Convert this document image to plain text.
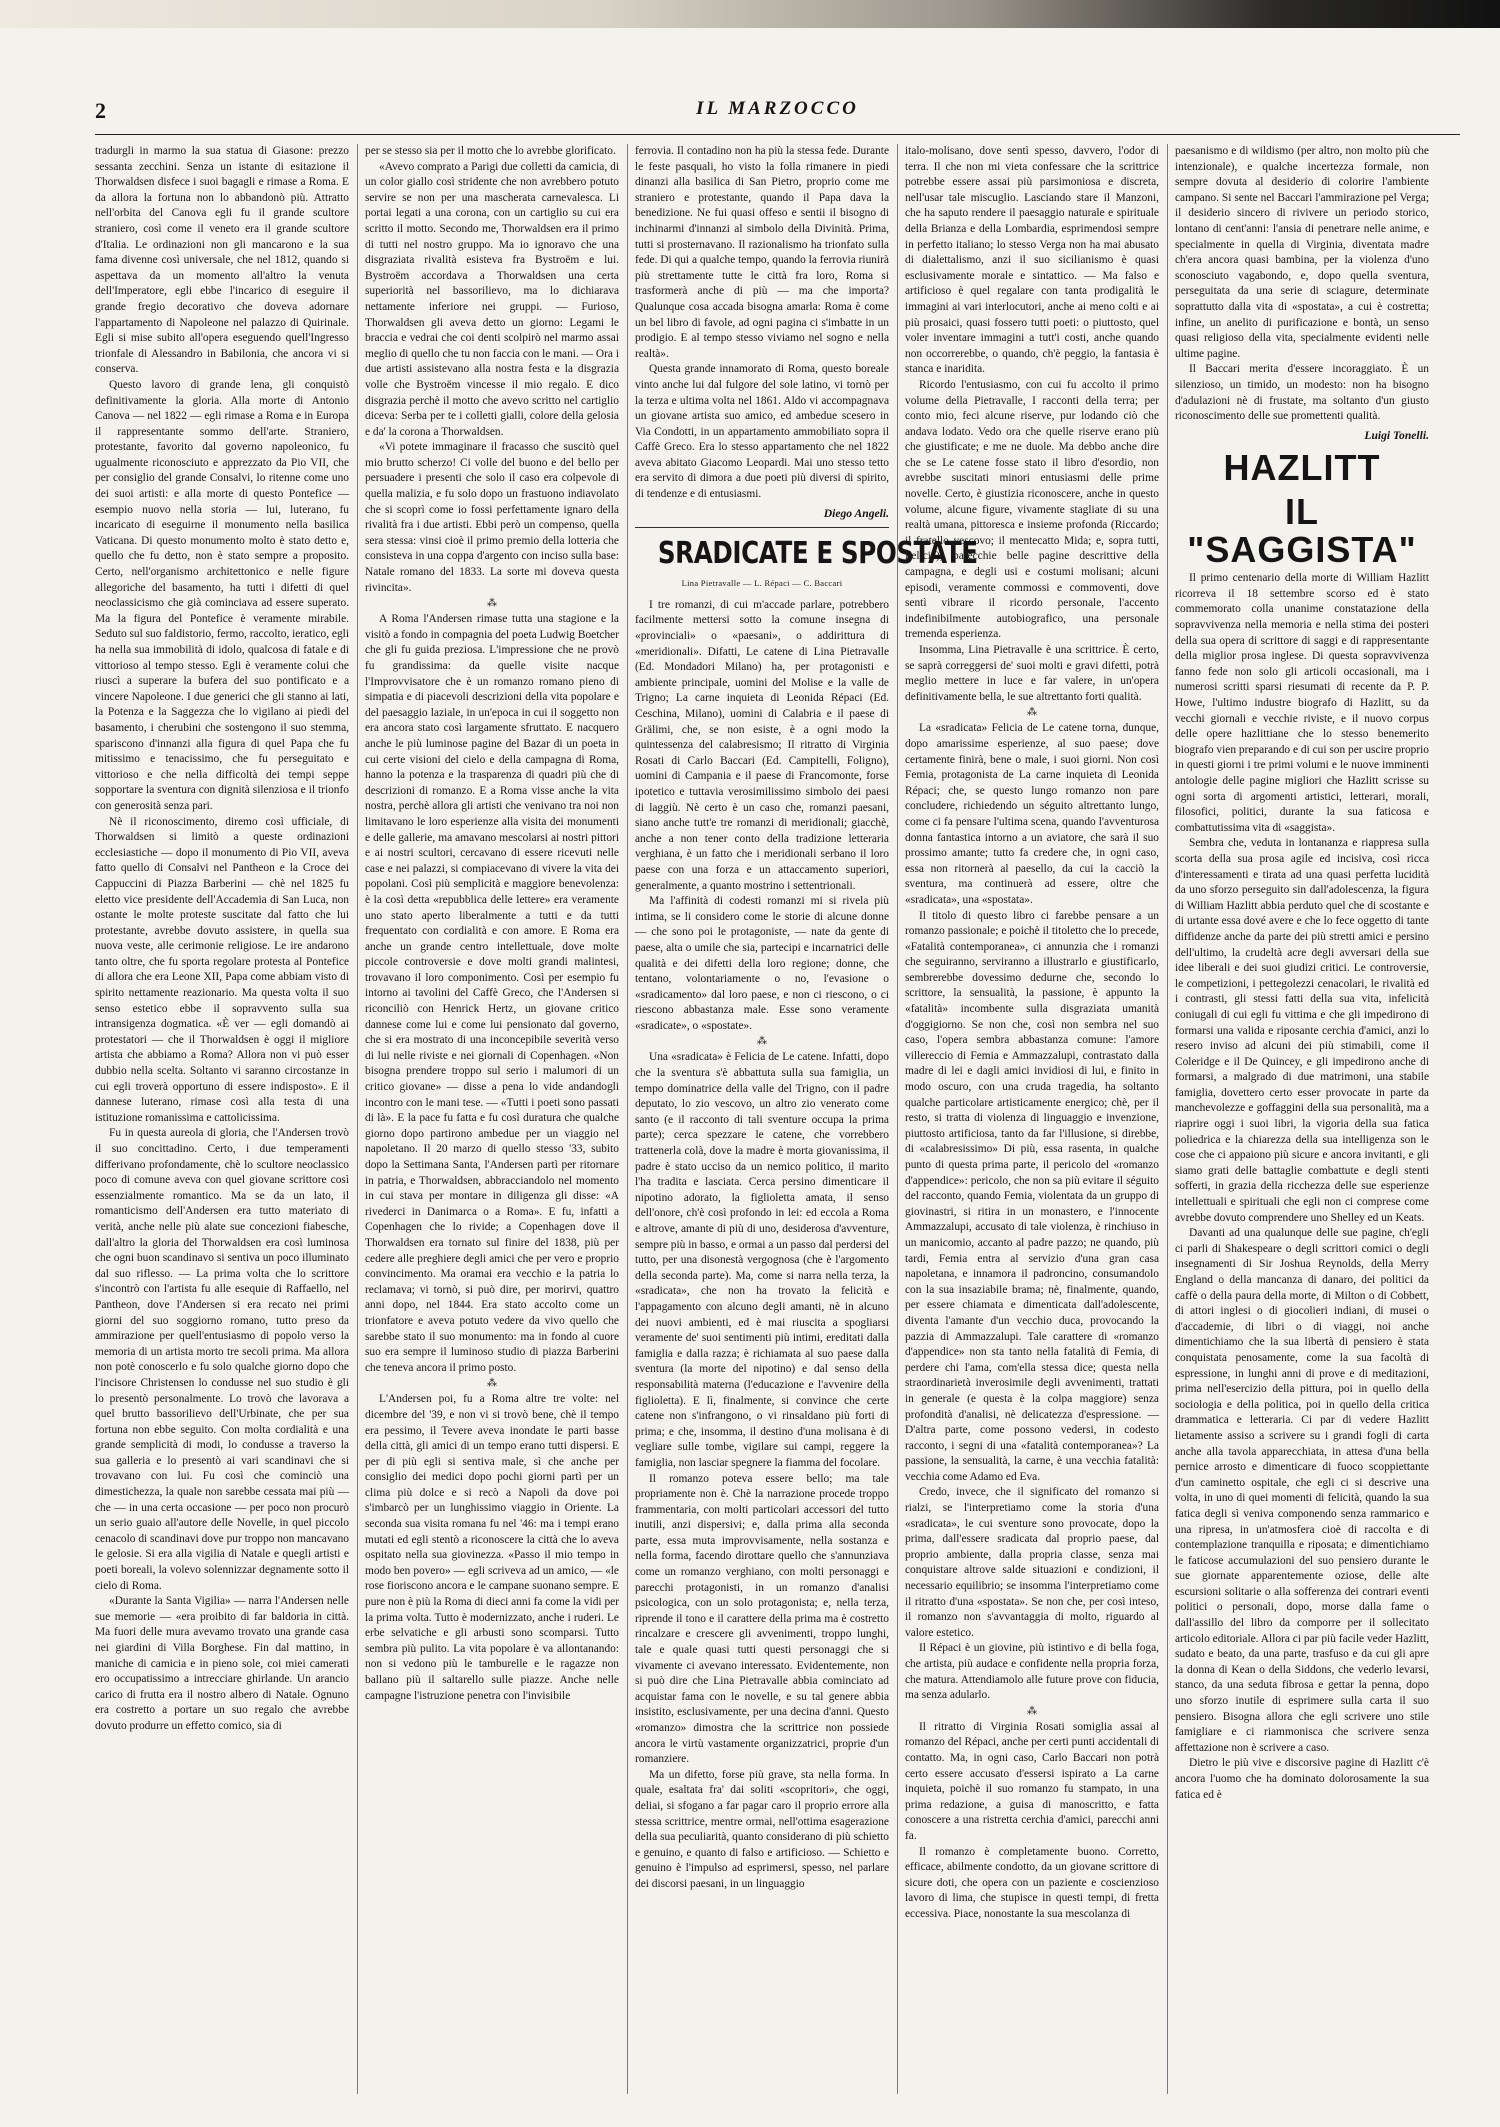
2	IL MARZOCCO

tradurgli in marmo la sua statua di Giasone: prezzo sessanta zecchini. Senza un istante di esitazione il Thorwaldsen disfece i suoi bagagli e rimase a Roma. E da allora la fortuna non lo abbandonò più. Attratto nell'orbita del Canova egli fu il grande scultore straniero, così come il veneto era il grande scultore d'Italia. Le ordinazioni non gli mancarono e la sua fama divenne così universale, che nel 1812, quando si aspettava da un momento all'altro la venuta dell'Imperatore, egli ebbe l'incarico di eseguire il grande fregio decorativo che doveva adornare l'appartamento di Napoleone nel palazzo di Quirinale. Egli si mise subito all'opera eseguendo quell'Ingresso trionfale di Alessandro in Babilonia, che ancora vi si conserva.

Questo lavoro di grande lena, gli conquistò definitivamente la gloria. Alla morte di Antonio Canova — nel 1822 — egli rimase a Roma e in Europa il rappresentante sommo dell'arte. Straniero, protestante, favorito dal governo napoleonico, fu ugualmente riconosciuto e apprezzato da Pio VII, che per consiglio del grande Consalvi, lo ritenne come uno dei suoi artisti: e alla morte di questo Pontefice — esempio nuovo nella storia — lui, luterano, fu incaricato di eseguirne il monumento nella basilica Vaticana. Di questo monumento molto è stato detto e, quello che fu detto, non è stato sempre a proposito. Certo, nell'organismo architettonico e nelle figure allegoriche del basamento, ha tutti i difetti di quel neoclassicismo che già cominciava ad essere superato. Ma la figura del Pontefice è veramente mirabile. Seduto sul suo faldistorio, fermo, raccolto, ieratico, egli ha nella sua immobilità di idolo, qualcosa di fatale e di vittorioso al tempo stesso. Egli è veramente colui che riuscì a superare la bufera del suo pontificato e a vincere Napoleone. I due generici che gli stanno ai lati, la Potenza e la Saggezza che lo vigilano ai piedi del basamento, i cherubini che sostengono il suo stemma, spariscono d'innanzi alla figura di quel Papa che fu mitissimo e tenacissimo, che fu perseguitato e vittorioso e che nella difficoltà dei tempi seppe sopportare la sventura con dignità silenziosa e il trionfo con generosità senza pari.

Nè il riconoscimento, diremo così ufficiale, di Thorwaldsen si limitò a queste ordinazioni ecclesiastiche — dopo il monumento di Pio VII, aveva fatto quello di Consalvi nel Pantheon e la Croce dei Cappuccini di Piazza Barberini — chè nel 1825 fu eletto vice presidente dell'Accademia di San Luca, non ostante le molte proteste suscitate dal fatto che lui protestante, avrebbe dovuto assistere, in quella sua nuova veste, alle cerimonie religiose. Le ire andarono tanto oltre, che fu sporta regolare protesta al Pontefice di allora che era Leone XII, Papa come abbiam visto di spirito nettamente reazionario. Ma questa volta il suo senso estetico ebbe il sopravvento sulla sua intransigenza dogmatica. «È ver — egli domandò ai protestatori — che il Thorwaldsen è oggi il migliore artista che abbiamo a Roma? Allora non vi può esser dubbio nella scelta. Soltanto vi saranno circostanze in cui egli troverà opportuno di essere indisposto». E il dannese luterano, rimase così alla testa di una istituzione romanissima e cattolicissima.

Fu in questa aureola di gloria, che l'Andersen trovò il suo concittadino. Certo, i due temperamenti differivano profondamente, chè lo scultore neoclassico poco di comune aveva con quel giovane scrittore così essenzialmente romantico. Ma se da un lato, il romanticismo dell'Andersen era tutto materiato di verità, anche nelle più alate sue concezioni fiabesche, dall'altro la gloria del Thorwaldsen era così luminosa che ogni buon scandinavo si sentiva un poco illuminato dal suo riflesso. — La prima volta che lo scrittore s'incontrò con l'artista fu alle esequie di Raffaello, nel Pantheon, dove l'Andersen si era recato nei primi giorni del suo soggiorno romano, tutto preso da ammirazione per quell'entusiasmo di popolo verso la memoria di un artista morto tre secoli prima. Ma allora non potè conoscerlo e fu solo qualche giorno dopo che l'incisore Christensen lo condusse nel suo studio è gli lo presentò personalmente. Lo trovò che lavorava a quel brutto bassorilievo dell'Urbinate, che per sua fortuna non ebbe seguito. Con molta cordialità e una grande semplicità di modi, lo condusse a traverso la sua galleria e lo presentò ai vari scandinavi che si trovavano con lui. Fu così che cominciò una dimestichezza, la quale non sarebbe cessata mai più — che — in una certa occasione — per poco non procurò un serio guaio all'autore delle Novelle, in quel piccolo cenacolo di scandinavi dove pur troppo non mancavano le gelosie. Si era alla vigilia di Natale e quegli artisti e poeti boreali, la volevo solennizzar degnamente sotto il cielo di Roma.

«Durante la Santa Vigilia» — narra l'Andersen nelle sue memorie — «era proibito di far baldoria in città. Ma fuori delle mura avevamo trovato una grande casa nei giardini di Villa Borghese. Fin dal mattino, in maniche di camicia e in pieno sole, coi miei camerati ero occupatissimo a intrecciare ghirlande. Un arancio carico di frutta era il nostro albero di Natale. Ognuno era costretto a portare un suo regalo che avrebbe dovuto produrre un effetto comico, sia di

per se stesso sia per il motto che lo avrebbe glorificato.

«Avevo comprato a Parigi due colletti da camicia, di un color giallo così stridente che non avrebbero potuto servire se non per una mascherata carnevalesca. Li portai legati a una corona, con un cartiglio su cui era scritto il motto. Secondo me, Thorwaldsen era il primo di tutti nel nostro gruppo. Ma io ignoravo che una disgraziata rivalità esisteva fra Bystroëm e lui. Bystroëm accordava a Thorwaldsen una certa superiorità nel bassorilievo, ma lo dichiarava nettamente inferiore nei gruppi. — Furioso, Thorwaldsen gli aveva detto un giorno: Legami le braccia e vedrai che coi denti scolpirò nel marmo assai meglio di quello che tu non faccia con le mani. — Ora i due artisti assistevano alla nostra festa e la disgrazia volle che Bystroëm vincesse il mio regalo. E dico disgrazia perchè il motto che avevo scritto nel cartiglio diceva: Serba per te i colletti gialli, colore della gelosia e da' la corona a Thorwaldsen.

«Vi potete immaginare il fracasso che suscitò quel mio brutto scherzo! Ci volle del buono e del bello per persuadere i presenti che solo il caso era colpevole di quella malizia, e fu solo dopo un frastuono indiavolato che si scoprì come io fossi perfettamente ignaro della rivalità fra i due artisti. Ebbi però un compenso, quella sera stessa: vinsi cioè il primo premio della lotteria che consisteva in una coppa d'argento con inciso sulla base: Natale romano del 1833. La sorte mi doveva questa rivincita».

⁂

A Roma l'Andersen rimase tutta una stagione e la visitò a fondo in compagnia del poeta Ludwig Boetcher che gli fu guida preziosa. L'impressione che ne provò fu grandissima: da quelle visite nacque l'Improvvisatore che è un romanzo romano pieno di simpatia e di piacevoli descrizioni della vita popolare e del paesaggio laziale, in un'epoca in cui il soggetto non era ancora stato così largamente sfruttato. E nacquero anche le più luminose pagine del Bazar di un poeta in cui certe visioni del cielo e della campagna di Roma, hanno la potenza e la trasparenza di quadri più che di descrizioni di romanzo. E a Roma visse anche la vita nostra, perchè allora gli artisti che venivano tra noi non limitavano le loro esperienze alla visita dei monumenti e delle gallerie, ma amavano mescolarsi ai nostri pittori e ai nostri scultori, cercavano di essere ricevuti nelle case e nei palazzi, si compiacevano di vivere la vita dei popolani. Così più semplicità e maggiore benevolenza: è la così detta «repubblica delle lettere» era veramente uno stato aperto liberalmente a tutti e da tutti frequentato con cordialità e con amore. E Roma era anche un grande centro intellettuale, dove molte piccole controversie e dove molti grandi malintesi, trovavano il loro componimento. Così per esempio fu intorno ai tavolini del Caffè Greco, che l'Andersen si riconciliò con Henrick Hertz, un giovane critico dannese come lui e come lui pensionato dal governo, che si era mostrato di una inconcepibile severità verso di lui nelle riviste e nei giornali di Copenhagen. «Non bisogna prendere troppo sul serio i malumori di un critico giovane» — disse a pena lo vide andandogli incontro con le mani tese. — «Tutti i poeti sono passati di là». E la pace fu fatta e fu così duratura che qualche giorno dopo partirono ambedue per un viaggio nel napoletano. Il 20 marzo di quello stesso '33, subito dopo la Settimana Santa, l'Andersen partì per ritornare in patria, e Thorwaldsen, abbracciandolo nel momento in cui stava per montare in diligenza gli disse: «A rivederci in Danimarca o a Roma». E fu, infatti a Copenhagen che lo rivide; a Copenhagen dove il Thorwaldsen era tornato sul finire del 1838, più per cedere alle preghiere degli amici che per vero e proprio convincimento. Ma oramai era vecchio e la patria lo reclamava; vi tornò, si può dire, per morirvi, quattro anni dopo, nel 1844. Era stato accolto come un trionfatore e aveva potuto vedere da vivo quello che sarebbe stato il suo monumento: ma in fondo al cuore suo era sempre il luminoso studio di piazza Barberini che teneva ancora il primo posto.

⁂

L'Andersen poi, fu a Roma altre tre volte: nel dicembre del '39, e non vi si trovò bene, chè il tempo era pessimo, il Tevere aveva inondate le parti basse della città, gli amici di un tempo erano tutti dispersi. E per di più egli si sentiva male, sì che anche per consiglio dei medici dopo pochi giorni partì per un clima più dolce e si recò a Napoli da dove poi s'imbarcò per un lunghissimo viaggio in Oriente. La seconda sua visita romana fu nel '46: ma i tempi erano mutati ed egli stentò a riconoscere la città che lo aveva ospitato nella sua giovinezza. «Passo il mio tempo in modo ben povero» — egli scriveva ad un amico, — «le rose fioriscono ancora e le campane suonano sempre. E pure non è più la Roma di dieci anni fa come la vidi per la prima volta. Tutto è modernizzato, anche i ruderi. Le erbe selvatiche e gli arbusti sono scomparsi. Tutto sembra più pulito. La vita popolare è va allontanando: non si vedono più le tamburelle e le ragazze non ballano più il saltarello sulle piazze. Anche nelle campagne l'istruzione penetra con l'invisibile

ferrovia. Il contadino non ha più la stessa fede. Durante le feste pasquali, ho visto la folla rimanere in piedi dinanzi alla basilica di San Pietro, proprio come me straniero e protestante, quando il Papa dava la benedizione. Ne fui quasi offeso e sentii il bisogno di inchinarmi d'innanzi al simbolo della Divinità. Prima, tutti si prosternavano. Il razionalismo ha trionfato sulla fede. Di qui a qualche tempo, quando la ferrovia riunirà più strettamente tutte le città fra loro, Roma si trasformerà anche di più — ma che importa? Qualunque cosa accada bisogna amarla: Roma è come un bel libro di favole, ad ogni pagina ci s'imbatte in un prodigio. E al tempo stesso viviamo nel sogno e nella realtà».

Questa grande innamorato di Roma, questo boreale vinto anche lui dal fulgore del sole latino, vi tornò per la terza e ultima volta nel 1861. Aldo vi accompagnava un giovane artista suo amico, ed ambedue scesero in Via Condotti, in un appartamento ammobiliato sopra il Caffè Greco. Era lo stesso appartamento che nel 1822 aveva abitato Giacomo Leopardi. Mai uno stesso tetto era servito di dimora a due poeti più diversi di spirito, di tendenze e di entusiasmi.

Diego Angeli.
SRADICATE E SPOSTATE
Lina Pietravalle — L. Répaci — C. Baccari

I tre romanzi, di cui m'accade parlare, potrebbero facilmente mettersi sotto la comune insegna di «provinciali» o «paesani», o addirittura di «meridionali». Difatti, Le catene di Lina Pietravalle (Ed. Mondadori Milano) ha, per protagonisti e ambiente principale, uomini del Molise e la valle de Trigno; La carne inquieta di Leonida Répaci (Ed. Ceschina, Milano), uomini di Calabria e il paese di Grälimi, che, se non esiste, è a ogni modo la quintessenza del calabresismo; Il ritratto di Virginia Rosati di Carlo Baccari (Ed. Campitelli, Foligno), uomini di Campania e il paese di Francomonte, forse ipotetico e tuttavia verosimilissimo simbolo dei paesi di laggiù. Nè certo è un caso che, romanzi paesani, siano anche tutt'e tre romanzi di meridionali; giacchè, anche a non tener conto della tradizione letteraria verghiana, è un fatto che i meridionali serbano il loro paese con una forza e un attaccamento superiori, generalmente, a quanto mostrino i settentrionali.

Ma l'affinità di codesti romanzi mi si rivela più intima, se li considero come le storie di alcune donne — che sono poi le protagoniste, — nate da gente di paese, alta o umile che sia, partecipi e incarnatrici delle qualità e dei difetti della loro regione; donne, che tentano, volontariamente o no, l'evasione o «sradicamento» dal loro paese, e non ci riescono, o ci riescono abbastanza male. Esse sono veramente «sradicate», o «spostate».

⁂

Una «sradicata» è Felicia de Le catene. Infatti, dopo che la sventura s'è abbattuta sulla sua famiglia, un tempo dominatrice della valle del Trigno, con il padre deputato, lo zio vescovo, un altro zio venerato come santo (e il racconto di tali sventure occupa la prima parte); cerca spezzare le catene, che vorrebbero trattenerla colà, dove la madre è morta giovanissima, il padre è stato ucciso da un nemico politico, il marito l'ha tradita e lasciata. Cerca persino dimenticare il nipotino adorato, la figlioletta amata, il senso dell'onore, ch'è così profondo in lei: ed eccola a Roma e altrove, amante di più di uno, desiderosa d'avventure, sempre più in basso, e ormai a un passo dal perdersi del tutto, per una disonestà vergognosa (che è l'argomento della seconda parte). Ma, come si narra nella terza, la «sradicata», che non ha trovato la felicità e l'appagamento con alcuno degli amanti, nè in alcuno dei nuovi ambienti, ed è mai riuscita a spogliarsi veramente de' suoi sentimenti più intimi, ereditati dalla famiglia e dalla razza; è richiamata al suo paese dalla sventura (la morte del nipotino) e dal senso della responsabilità materna (l'educazione e l'avvenire della figlioletta). E lì, finalmente, si convince che certe catene non s'infrangono, o vi rinsaldano più forti di prima; e che, insomma, il destino d'una molisana è di vegliare sulle tombe, vigilare sui campi, reggere la famiglia, non lasciar spegnere la fiamma del focolare.

Il romanzo poteva essere bello; ma tale propriamente non è. Chè la narrazione procede troppo frammentaria, con molti particolari accessori del tutto inutili, anzi dispersivi; e, dalla prima alla seconda parte, essa muta improvvisamente, nella sostanza e nella forma, facendo dirottare quello che s'annunziava come un romanzo verghiano, con molti personaggi e parecchi protagonisti, in un romanzo d'analisi psicologica, con un solo protagonista; e, nella terza, riprende il tono e il carattere della prima ma è costretto rincalzare e crescere gli avvenimenti, troppo lunghi, tale e quale quasi tutti questi personaggi che si vivamente ci avevano interessato. Evidentemente, non si può dire che Lina Pietravalle abbia cominciato ad acquistar fama con le novelle, e su tal genere abbia insistito, esclusivamente, per una decina d'anni. Questo «romanzo» dimostra che la scrittrice non possiede ancora le virtù vastamente organizzatrici, proprie d'un romanziere.

Ma un difetto, forse più grave, sta nella forma. In quale, esaltata fra' dai soliti «scopritori», che oggi, deliai, si sfogano a far pagar caro il proprio errore alla stessa scrittrice, mentre ormai, nell'ottima esagerazione della sua peculiarità, quanto considerano di più schietto e genuino, e quanto di falso e artificioso. — Schietto e genuino è l'impulso ad esprimersi, spesso, nel parlare dei discorsi paesani, in un linguaggio

italo-molisano, dove sentì spesso, davvero, l'odor di terra. Il che non mi vieta confessare che la scrittrice potrebbe essere assai più parsimoniosa e discreta, nell'usar tale miscuglio. Lasciando stare il Manzoni, che ha saputo rendere il paesaggio naturale e spirituale della Brianza e della Lombardia, esprimendosi sempre in perfetto italiano; lo stesso Verga non ha mai abusato di dialettalismo, anzi il suo sicilianismo è quasi esclusivamente morale e sintattico. — Ma falso e artificioso è quel regalare con tanta prodigalità le immagini ai vari interlocutori, anche ai meno colti e ai più prosaici, quasi fossero tutti poeti: o piuttosto, quel voler inventare immagini a tutt'i costi, anche quando non occorrerebbe, o quando, ch'è peggio, la fantasia è stanca e inaridita.

Ricordo l'entusiasmo, con cui fu accolto il primo volume della Pietravalle, I racconti della terra; per conto mio, feci alcune riserve, pur lodando ciò che andava lodato. Vedo ora che quelle riserve erano più che giustificate; e me ne duole. Ma debbo anche dire che se Le catene fosse stato il libro d'esordio, non avrebbe suscitati minori entusiasmi delle prime novelle. Certo, è giustizia riconoscere, anche in questo volume, alcune figure, vivamente stagliate di su una realtà umana, pittoresca e insieme profonda (Riccardo; il fratello vescovo; il mentecatto Mida; e, sopra tutti, Felicia); parecchie belle pagine descrittive della campagna, e degli usi e costumi molisani; alcuni episodi, veramente commossi e commoventi, dove sentì vibrare il ricordo personale, l'accento indefinibilmente autobiografico, una personale tremenda esperienza.

Insomma, Lina Pietravalle è una scrittrice. È certo, se saprà correggersi de' suoi molti e gravi difetti, potrà meglio mettere in luce e far valere, in un'opera definitivamente bella, le sue altrettanto forti qualità.

⁂

La «sradicata» Felicia de Le catene torna, dunque, dopo amarissime esperienze, al suo paese; dove certamente finirà, bene o male, i suoi giorni. Non così Femia, protagonista de La carne inquieta di Leonida Répaci; che, se questo lungo romanzo non pare concludere, richiedendo un séguito altrettanto lungo, come ci fa pensare l'ultima scena, quando l'avventurosa donna fantastica intorno a un aviatore, che sarà il suo prossimo amante; tutto fa credere che, in ogni caso, essa non ritornerà al paesello, da cui la cacciò la sventura, ma continuerà ad essere, oltre che «sradicata», una «spostata».

Il titolo di questo libro ci farebbe pensare a un romanzo passionale; e poichè il titoletto che lo precede, «Fatalità contemporanea», ci annunzia che i romanzi che seguiranno, serviranno a illustrarlo e giustificarlo, sembrerebbe dovessimo dedurne che, secondo lo scrittore, la sensualità, la passione, è appunto la «fatalità» incombente sulla disgraziata umanità d'oggigiorno. Se non che, così non sembra nel suo caso, l'opera sembra abbastanza comune: l'amore villereccio di Femia e Ammazzalupi, contrastato dalla madre di lei e dagli amici invidiosi di lui, e finito in modo oscuro, con una cruda tragedia, ha soltanto qualche particolare artisticamente energico; chè, per il resto, si tratta di violenza di linguaggio e invenzione, piuttosto artificiosa, tanto da far l'illusione, si direbbe, di «calabresissimo» Di più, essa rasenta, in qualche punto di questa prima parte, il pericolo del «romanzo d'appendice»: pericolo, che non sa più evitare il séguito del racconto, quando Femia, violentata da un gruppo di giovinastri, si ritira in un monastero, e l'innocente Ammazzalupi, accusato di tale violenza, è rinchiuso in un manicomio, accanto al padre pazzo; ne quando, più tardi, Femia entra al servizio d'una gran casa napoletana, e innamora il padroncino, consumandolo con la sua insaziabile brama; nè, finalmente, quando, per essere chiamata e dimenticata dall'adolescente, diventa l'amante d'un vecchio duca, provocando la pazzia di Ammazzalupi. Tale carattere di «romanzo d'appendice» non sta tanto nella fatalità di Femia, di perdere chi l'ama, com'ella stessa dice; questa nella straordinarietà inverosimile degli avvenimenti, trattati in generale (e questa è la colpa maggiore) senza profondità d'analisi, nè delicatezza d'espressione. — D'altra parte, come possono vedersi, in codesto racconto, i segni di una «fatalità contemporanea»? La passione, la sensualità, la carne, è una vecchia fatalità: vecchia come Adamo ed Eva.

Credo, invece, che il significato del romanzo si rialzi, se l'interpretiamo come la storia d'una «sradicata», le cui sventure sono provocate, dopo la prima, dall'essere sradicata dal proprio paese, dal proprio ambiente, dalla propria classe, senza mai conquistare altrove salde situazioni e condizioni, il necessario equilibrio; se insomma l'interpretiamo come il ritratto d'una «spostata». Se non che, per così inteso, il romanzo non s'avvantaggia di molto, riguardo al valore estetico.

Il Répaci è un giovine, più istintivo e di bella foga, che artista, più audace e confidente nella propria forza, che matura. Attendiamolo alle future prove con fiducia, ma senza adularlo.

⁂

Il ritratto di Virginia Rosati somiglia assai al romanzo del Répaci, anche per certi punti accidentali di contatto. Ma, in ogni caso, Carlo Baccari non potrà certo essere accusato d'essersi ispirato a La carne inquieta, poichè il suo romanzo fu stampato, in una prima redazione, a guisa di manoscritto, e fatta conoscere a una ristretta cerchia d'amici, parecchi anni fa.

Il romanzo è completamente buono. Corretto, efficace, abilmente condotto, da un giovane scrittore di sicure doti, che opera con un paziente e coscienzioso lavoro di lima, che stupisce in questi tempi, di fretta eccessiva. Piace, nonostante la sua mescolanza di

paesanismo e di wildismo (per altro, non molto più che intenzionale), e qualche incertezza formale, non sempre dovuta al desiderio di colorire l'ambiente campano. Si sente nel Baccari l'ammirazione pel Verga; il desiderio sincero di rivivere un periodo storico, lontano di cent'anni: l'ansia di penetrare nelle anime, e specialmente in quella di Virginia, diventata madre ch'era ancora quasi bambina, per la violenza d'uno sconosciuto vagabondo, e, dopo quella sventura, perseguitata da una serie di sciagure, determinate soprattutto dalla vita di «spostata», a cui è costretta; infine, un anelito di purificazione e bontà, un senso quasi religioso della vita, specialmente evidenti nelle ultime pagine.

Il Baccari merita d'essere incoraggiato. È un silenzioso, un timido, un modesto: non ha bisogno d'adulazioni nè di frustate, ma soltanto d'un giusto riconoscimento delle sue promettenti qualità.

Luigi Tonelli.
HAZLITT
IL "SAGGISTA"

Il primo centenario della morte di William Hazlitt ricorreva il 18 settembre scorso ed è stato commemorato colla unanime constatazione della sopravvivenza nella memoria e nella stima dei posteri della sua opera di scrittore di saggi e di rappresentante della miglior prosa inglese. Di questa sopravvivenza fanno fede non solo gli articoli occasionali, ma i numerosi scritti sparsi riesumati di recente da P. P. Howe, l'ultimo industre biografo di Hazlitt, su da vecchi giornali e vecchie riviste, e il nuovo corpus delle opere hazlittiane che lo stesso benemerito biografo vien preparando e di cui son per uscire proprio in questi giorni i tre primi volumi e le nuove imminenti antologie delle pagine migliori che Hazlitt scrisse su ogni sorta di argomenti artistici, letterari, morali, filosofici, politici, durante la sua faticosa e combattutissima vita di «saggista».

Sembra che, veduta in lontananza e riappresa sulla scorta della sua prosa agile ed incisiva, così ricca d'interessamenti e tirata ad una quasi perfetta lucidità da uno sforzo perseguito sin dall'adolescenza, la figura di William Hazlitt abbia perduto quel che di scostante e di urtante essa dové avere e che lo fece oggetto di tante diffidenze anche da parte dei più stretti amici e persino dell'ultimo, la crudeltà acre degli avversari della sue idee liberali e dei suoi giudizi critici. Le controversie, le competizioni, i pettegolezzi cenacolari, le rivalità ed i contrasti, gli stessi fatti della sua vita, infelicità coniugali di cui egli fu vittima e che gli impedirono di formarsi una valida e riposante cerchia d'amici, anzi lo resero inviso ad alcuni dei più stimabili, come il Coleridge e il De Quincey, e gli impedirono anche di formarsi, a malgrado di due matrimoni, una stabile famiglia, dovettero certo esser provocate in parte da manchevolezze e goffaggini della sua personalità, ma a riaprire oggi i suoi libri, la vigoria della sua fatica poliedrica e la chiarezza della sua intelligenza son le cose che ci appaiono più sicure e ancora invitanti, e gli siamo grati delle battaglie combattute e degli stenti sofferti, in grazia della ricchezza delle sue esperienze intellettuali e spirituali che egli non ci comprese come avrebbe dovuto comprendere uno Shelley ed un Keats.

Davanti ad una qualunque delle sue pagine, ch'egli ci parli di Shakespeare o degli scrittori comici o degli insegnamenti di Sir Joshua Reynolds, della Merry England o della mancanza di danaro, dei politici da caffè o della paura della morte, di Milton o di Cobbett, di attori inglesi o di giocolieri indiani, di musei o d'accademie, di libri o di viaggi, noi anche dimentichiamo che la sua libertà di pensiero è stata conquistata penosamente, come la sua facoltà di espressione, in lunghi anni di prove e di meditazioni, prima nell'esercizio della pittura, poi in quello della sociologia e della politica, poi in quello della critica drammatica e letteraria. Ci par di vedere Hazlitt lietamente assiso a scrivere su i grandi fogli di carta anche alla tavola apparecchiata, in attesa d'una bella pernice arrosto e dimenticare di fuoco scoppiettante d'un caminetto ospitale, che egli ci si descrive una volta, in uno di quei momenti di felicità, quando la sua fatica degli sì veniva componendo senza rammarico e una ripresa, in un'atmosfera cioè di raccolta e di contemplazione tranquilla e riposata; e dimentichiamo le faticose accumulazioni del suo pensiero durante le sue giornate apparentemente oziose, delle alte escursioni solitarie o alla sofferenza dei contrari eventi politici o personali, dopo, morse dalla fame o dall'assillo del libro da comporre per il sollecitato articolo editoriale. Allora ci par più facile veder Hazlitt, sudato e beato, da una parte, trasfuso e da cui gli apre la donna di Kean o della Siddons, che vederlo levarsi, stanco, da una seduta fibrosa e gettar la penna, dopo uno sforzo inutile di esprimere sulla carta il suo pensiero. Bisogna allora che egli scrivere uno stile famigliare e ci riammonisca che scrivere senza affettazione non è scrivere a caso.

Dietro le più vive e discorsive pagine di Hazlitt c'è ancora l'uomo che ha dominato dolorosamente la sua fatica ed è
